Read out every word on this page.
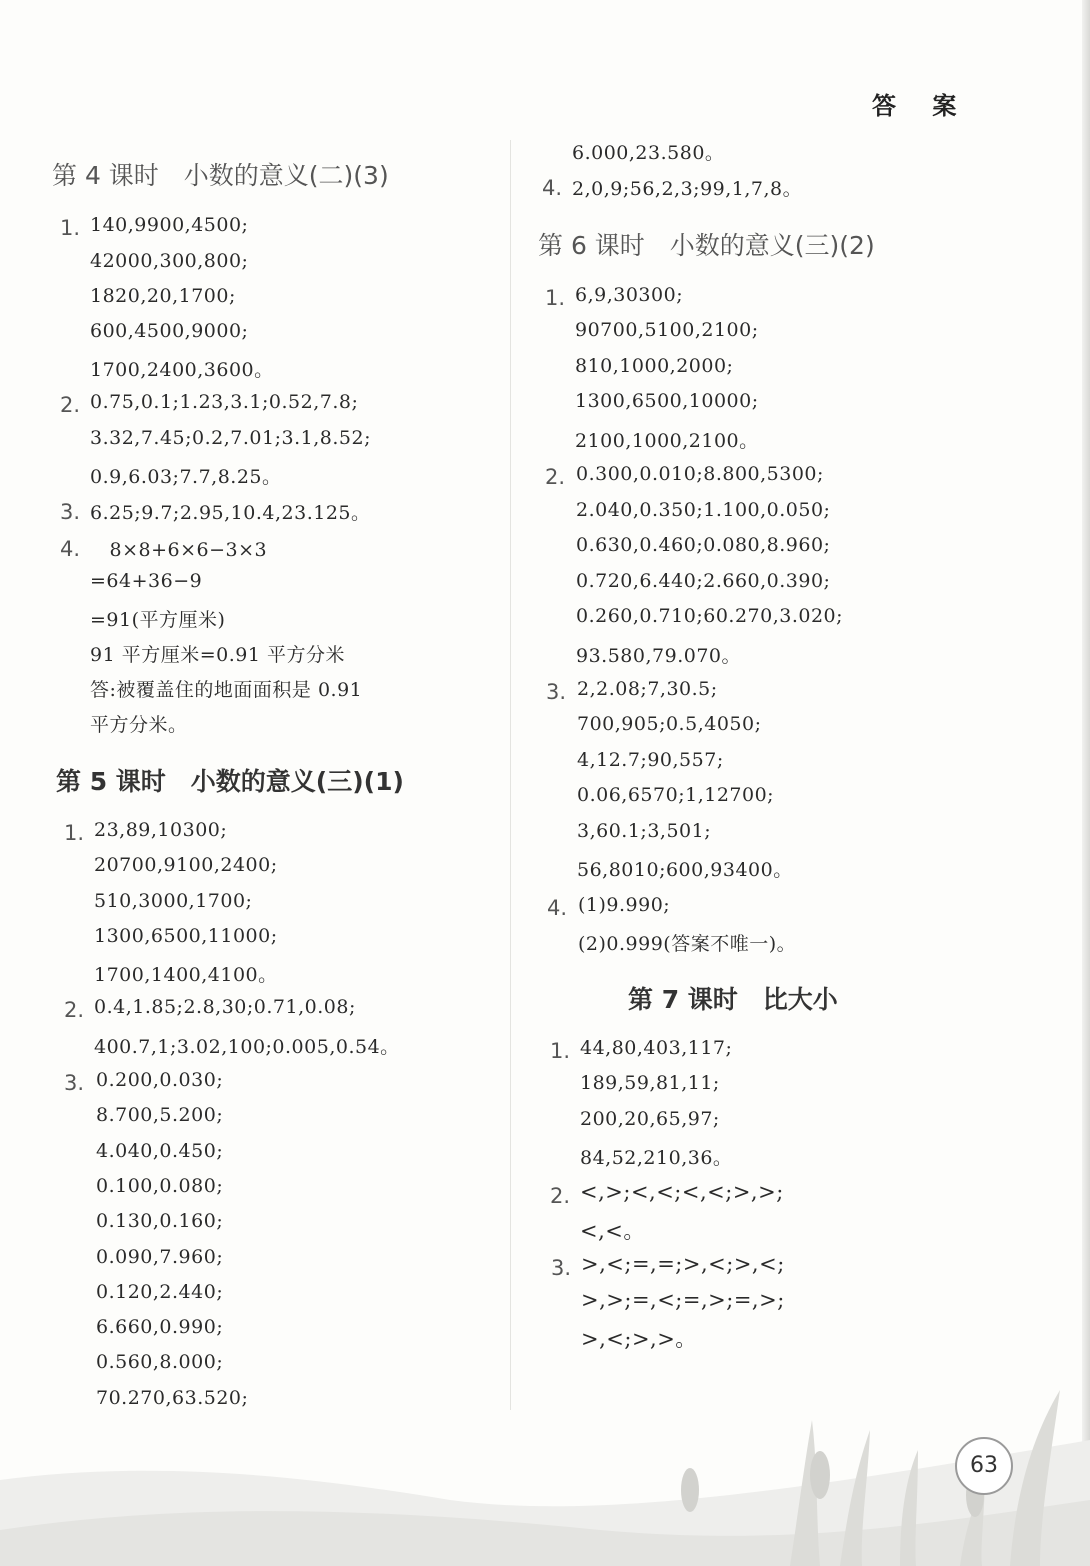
答 案
第 4 课时　小数的意义(二)(3)
1. 140,9900,4500;
42000,300,800;
1820,20,1700;
600,4500,9000;
1700,2400,3600。
2. 0.75,0.1;1.23,3.1;0.52,7.8;
3.32,7.45;0.2,7.01;3.1,8.52;
0.9,6.03;7.7,8.25。
3. 6.25;9.7;2.95,10.4,23.125。
4. 　8×8+6×6−3×3
=64+36−9
=91(平方厘米)
91 平方厘米=0.91 平方分米
答:被覆盖住的地面面积是 0.91
平方分米。
第 5 课时　小数的意义(三)(1)
1. 23,89,10300;
20700,9100,2400;
510,3000,1700;
1300,6500,11000;
1700,1400,4100。
2. 0.4,1.85;2.8,30;0.71,0.08;
400.7,1;3.02,100;0.005,0.54。
3. 0.200,0.030;
8.700,5.200;
4.040,0.450;
0.100,0.080;
0.130,0.160;
0.090,7.960;
0.120,2.440;
6.660,0.990;
0.560,8.000;
70.270,63.520;
6.000,23.580。
4. 2,0,9;56,2,3;99,1,7,8。
第 6 课时　小数的意义(三)(2)
1. 6,9,30300;
90700,5100,2100;
810,1000,2000;
1300,6500,10000;
2100,1000,2100。
2. 0.300,0.010;8.800,5300;
2.040,0.350;1.100,0.050;
0.630,0.460;0.080,8.960;
0.720,6.440;2.660,0.390;
0.260,0.710;60.270,3.020;
93.580,79.070。
3. 2,2.08;7,30.5;
700,905;0.5,4050;
4,12.7;90,557;
0.06,6570;1,12700;
3,60.1;3,501;
56,8010;600,93400。
4. (1)9.990;
(2)0.999(答案不唯一)。
第 7 课时　比大小
1. 44,80,403,117;
189,59,81,11;
200,20,65,97;
84,52,210,36。
2. <,>;<,<;<,<;>,>;
<,<。
3. >,<;=,=;>,<;>,<;
>,>;=,<;=,>;=,>;
>,<;>,>。
63
